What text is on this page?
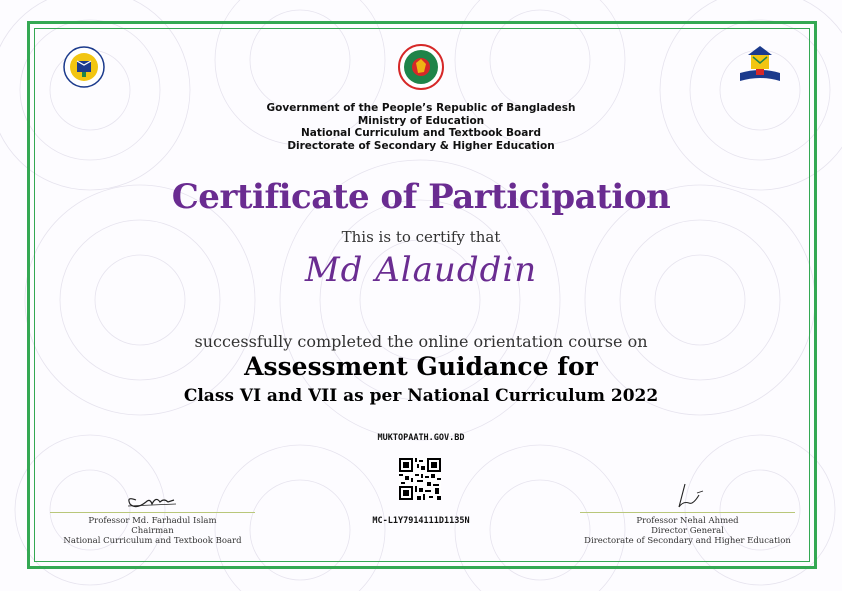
Government of the People’s Republic of Bangladesh
Ministry of Education
National Curriculum and Textbook Board
Directorate of Secondary & Higher Education
Certificate of Participation
This is to certify that
Md Alauddin
successfully completed the online orientation course on
Assessment Guidance for
Class VI and VII as per National Curriculum 2022
MUKTOPAATH.GOV.BD
MC-L1Y7914111D1135N
Professor Md. Farhadul Islam
Chairman
National Curriculum and Textbook Board
Professor Nehal Ahmed
Director General
Directorate of Secondary and Higher Education
